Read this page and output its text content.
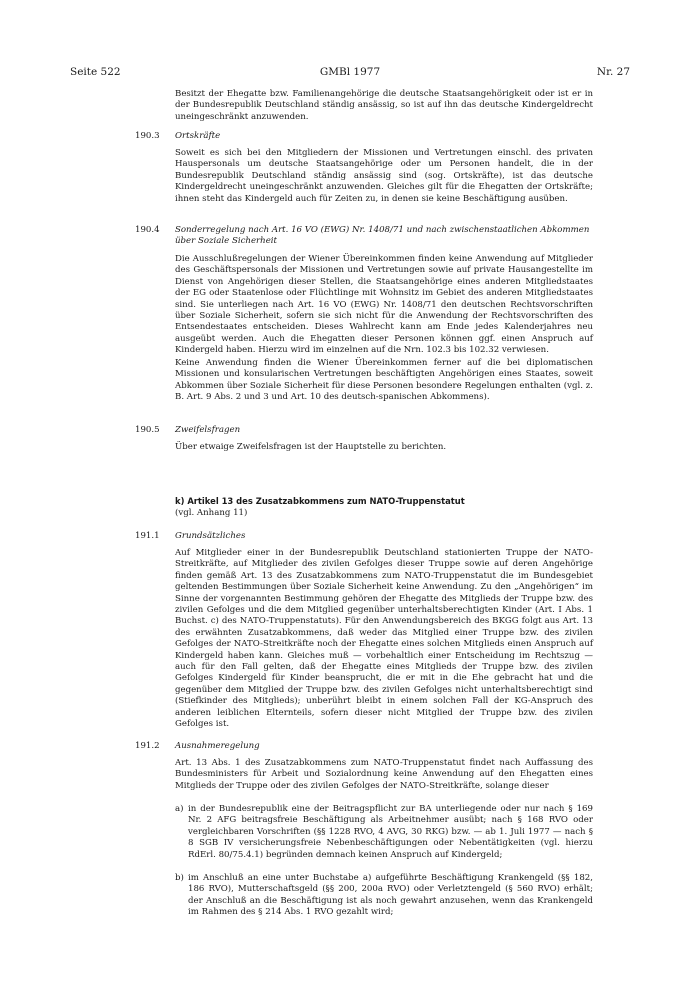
Seite 522	GMBl 1977	Nr. 27

Besitzt der Ehegatte bzw. Familienangehörige die deutsche Staatsangehörigkeit oder ist er in der Bundesrepublik Deutschland ständig ansässig, so ist auf ihn das deutsche Kindergeldrecht uneingeschränkt anzuwenden.

190.3 Ortskräfte

Soweit es sich bei den Mitgliedern der Missionen und Vertretungen einschl. des privaten Hauspersonals um deutsche Staatsangehörige oder um Personen handelt, die in der Bundesrepublik Deutschland ständig ansässig sind (sog. Ortskräfte), ist das deutsche Kindergeldrecht uneingeschränkt anzuwenden. Gleiches gilt für die Ehegatten der Ortskräfte; ihnen steht das Kindergeld auch für Zeiten zu, in denen sie keine Beschäftigung ausüben.

190.4 Sonderregelung nach Art. 16 VO (EWG) Nr. 1408/71 und nach zwischenstaatlichen Abkommen über Soziale Sicherheit

Die Ausschlußregelungen der Wiener Übereinkommen finden keine Anwendung auf Mitglieder des Geschäftspersonals der Missionen und Vertretungen sowie auf private Hausangestellte im Dienst von Angehörigen dieser Stellen, die Staatsangehörige eines anderen Mitgliedstaates der EG oder Staatenlose oder Flüchtlinge mit Wohnsitz im Gebiet des anderen Mitgliedstaates sind. Sie unterliegen nach Art. 16 VO (EWG) Nr. 1408/71 den deutschen Rechtsvorschriften über Soziale Sicherheit, sofern sie sich nicht für die Anwendung der Rechtsvorschriften des Entsendestaates entscheiden. Dieses Wahlrecht kann am Ende jedes Kalenderjahres neu ausgeübt werden. Auch die Ehegatten dieser Personen können ggf. einen Anspruch auf Kindergeld haben. Hierzu wird im einzelnen auf die Nrn. 102.3 bis 102.32 verwiesen.

Keine Anwendung finden die Wiener Übereinkommen ferner auf die bei diplomatischen Missionen und konsularischen Vertretungen beschäftigten Angehörigen eines Staates, soweit Abkommen über Soziale Sicherheit für diese Personen besondere Regelungen enthalten (vgl. z. B. Art. 9 Abs. 2 und 3 und Art. 10 des deutsch-spanischen Abkommens).

190.5 Zweifelsfragen

Über etwaige Zweifelsfragen ist der Hauptstelle zu berichten.

k) Artikel 13 des Zusatzabkommens zum NATO-Truppenstatut
(vgl. Anhang 11)
191.1 Grundsätzliches

Auf Mitglieder einer in der Bundesrepublik Deutschland stationierten Truppe der NATO-Streitkräfte, auf Mitglieder des zivilen Gefolges dieser Truppe sowie auf deren Angehörige finden gemäß Art. 13 des Zusatzabkommens zum NATO-Truppenstatut die im Bundesgebiet geltenden Bestimmungen über Soziale Sicherheit keine Anwendung. Zu den „Angehörigen“ im Sinne der vorgenannten Bestimmung gehören der Ehegatte des Mitglieds der Truppe bzw. des zivilen Gefolges und die dem Mitglied gegenüber unterhaltsberechtigten Kinder (Art. I Abs. 1 Buchst. c) des NATO-Truppenstatuts). Für den Anwendungsbereich des BKGG folgt aus Art. 13 des erwähnten Zusatzabkommens, daß weder das Mitglied einer Truppe bzw. des zivilen Gefolges der NATO-Streitkräfte noch der Ehegatte eines solchen Mitglieds einen Anspruch auf Kindergeld haben kann. Gleiches muß — vorbehaltlich einer Entscheidung im Rechtszug — auch für den Fall gelten, daß der Ehegatte eines Mitglieds der Truppe bzw. des zivilen Gefolges Kindergeld für Kinder beansprucht, die er mit in die Ehe gebracht hat und die gegenüber dem Mitglied der Truppe bzw. des zivilen Gefolges nicht unterhaltsberechtigt sind (Stiefkinder des Mitglieds); unberührt bleibt in einem solchen Fall der KG-Anspruch des anderen leiblichen Elternteils, sofern dieser nicht Mitglied der Truppe bzw. des zivilen Gefolges ist.

191.2 Ausnahmeregelung

Art. 13 Abs. 1 des Zusatzabkommens zum NATO-Truppenstatut findet nach Auffassung des Bundesministers für Arbeit und Sozialordnung keine Anwendung auf den Ehegatten eines Mitglieds der Truppe oder des zivilen Gefolges der NATO-Streitkräfte, solange dieser

a) in der Bundesrepublik eine der Beitragspflicht zur BA unterliegende oder nur nach § 169 Nr. 2 AFG beitragsfreie Beschäftigung als Arbeitnehmer ausübt; nach § 168 RVO oder vergleichbaren Vorschriften (§§ 1228 RVO, 4 AVG, 30 RKG) bzw. — ab 1. Juli 1977 — nach § 8 SGB IV versicherungsfreie Nebenbeschäftigungen oder Nebentätigkeiten (vgl. hierzu RdErl. 80/75.4.1) begründen demnach keinen Anspruch auf Kindergeld;
b) im Anschluß an eine unter Buchstabe a) aufgeführte Beschäftigung Krankengeld (§§ 182, 186 RVO), Mutterschaftsgeld (§§ 200, 200a RVO) oder Verletztengeld (§ 560 RVO) erhält; der Anschluß an die Beschäftigung ist als noch gewahrt anzusehen, wenn das Krankengeld im Rahmen des § 214 Abs. 1 RVO gezahlt wird;
